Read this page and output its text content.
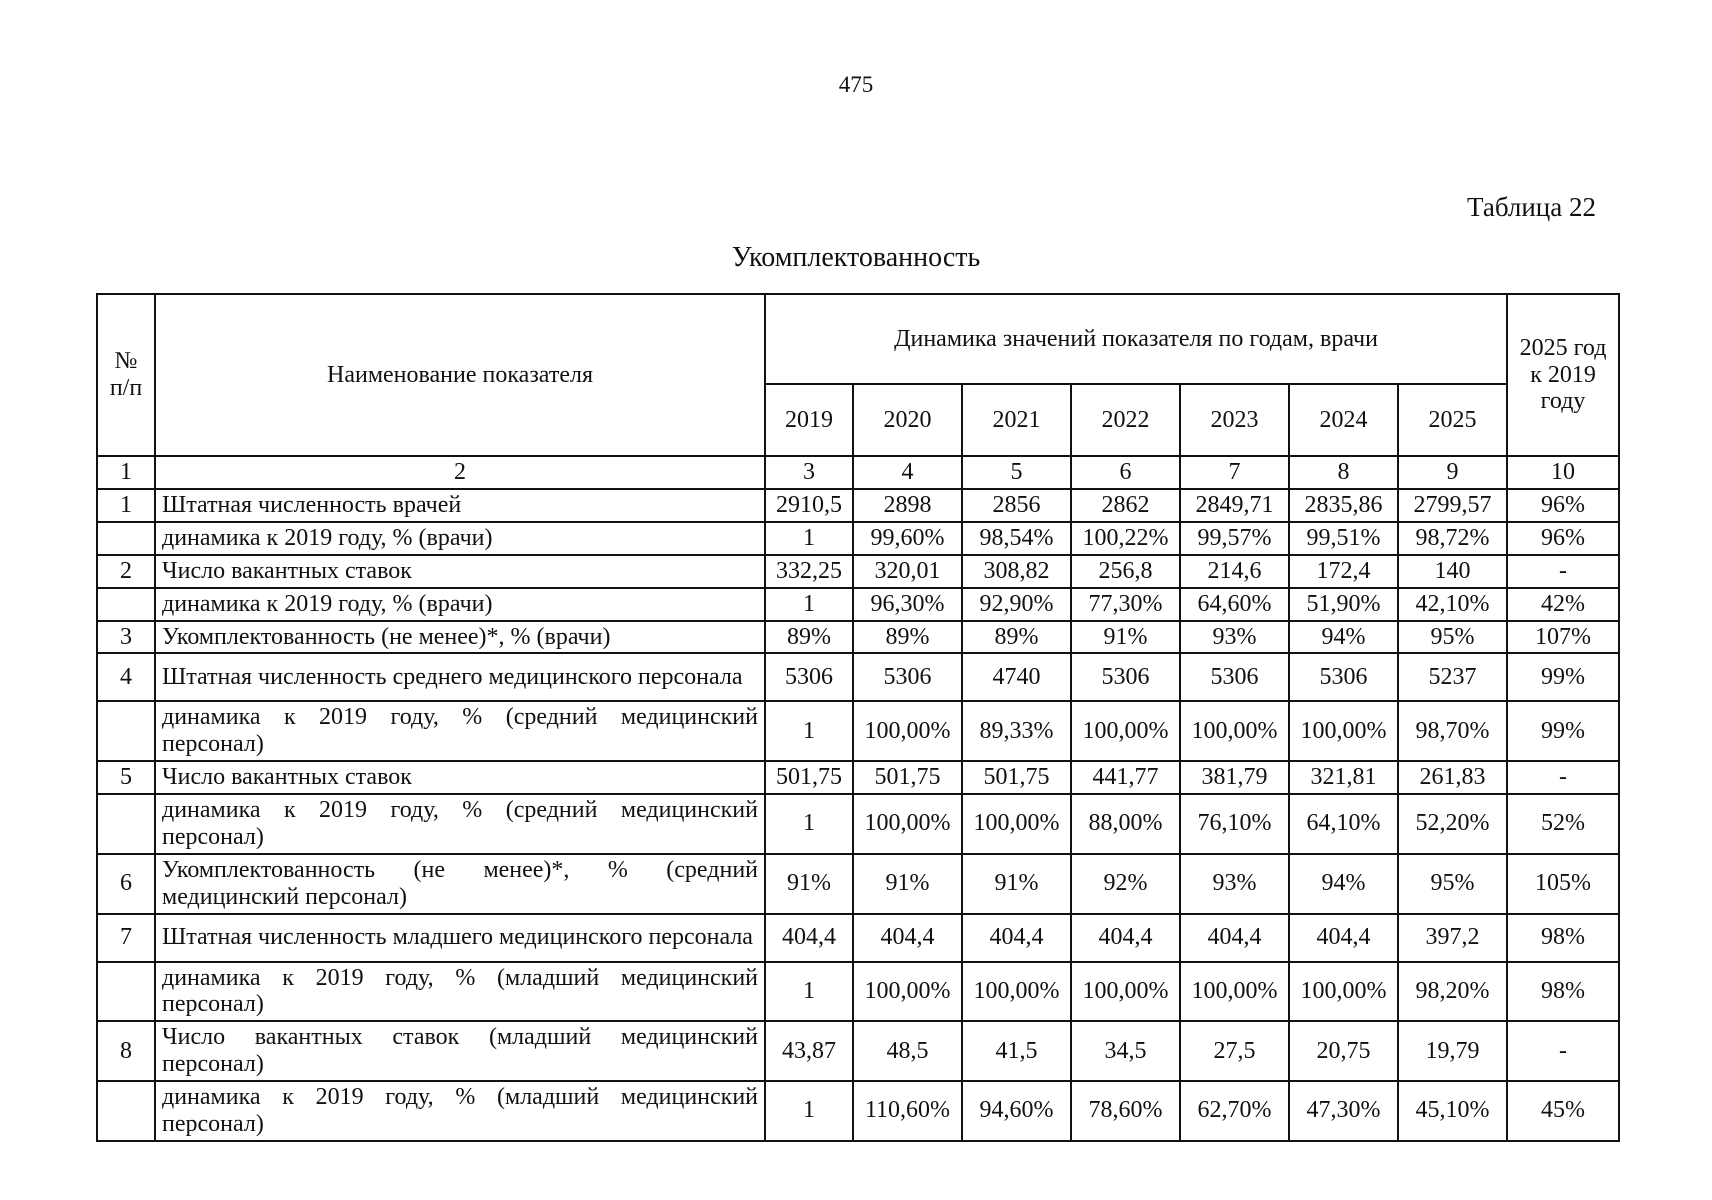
475
Таблица 22
Укомплектованность
№ п/п	Наименование показателя	Динамика значений показателя по годам, врачи							2025 год к 2019 году
		2019	2020	2021	2022	2023	2024	2025	
1	2	3	4	5	6	7	8	9	10
1	Штатная численность врачей	2910,5	2898	2856	2862	2849,71	2835,86	2799,57	96%
	динамика к 2019 году, % (врачи)	1	99,60%	98,54%	100,22%	99,57%	99,51%	98,72%	96%
2	Число вакантных ставок	332,25	320,01	308,82	256,8	214,6	172,4	140	-
	динамика к 2019 году, % (врачи)	1	96,30%	92,90%	77,30%	64,60%	51,90%	42,10%	42%
3	Укомплектованность (не менее)*, % (врачи)	89%	89%	89%	91%	93%	94%	95%	107%
4	Штатная численность среднего медицинского персонала	5306	5306	4740	5306	5306	5306	5237	99%
	динамика к 2019 году, % (средний медицинский персонал)	1	100,00%	89,33%	100,00%	100,00%	100,00%	98,70%	99%
5	Число вакантных ставок	501,75	501,75	501,75	441,77	381,79	321,81	261,83	-
	динамика к 2019 году, % (средний медицинский персонал)	1	100,00%	100,00%	88,00%	76,10%	64,10%	52,20%	52%
6	Укомплектованность (не менее)*, % (средний медицинский персонал)	91%	91%	91%	92%	93%	94%	95%	105%
7	Штатная численность младшего медицинского персонала	404,4	404,4	404,4	404,4	404,4	404,4	397,2	98%
	динамика к 2019 году, % (младший медицинский персонал)	1	100,00%	100,00%	100,00%	100,00%	100,00%	98,20%	98%
8	Число вакантных ставок (младший медицинский персонал)	43,87	48,5	41,5	34,5	27,5	20,75	19,79	-
	динамика к 2019 году, % (младший медицинский персонал)	1	110,60%	94,60%	78,60%	62,70%	47,30%	45,10%	45%
